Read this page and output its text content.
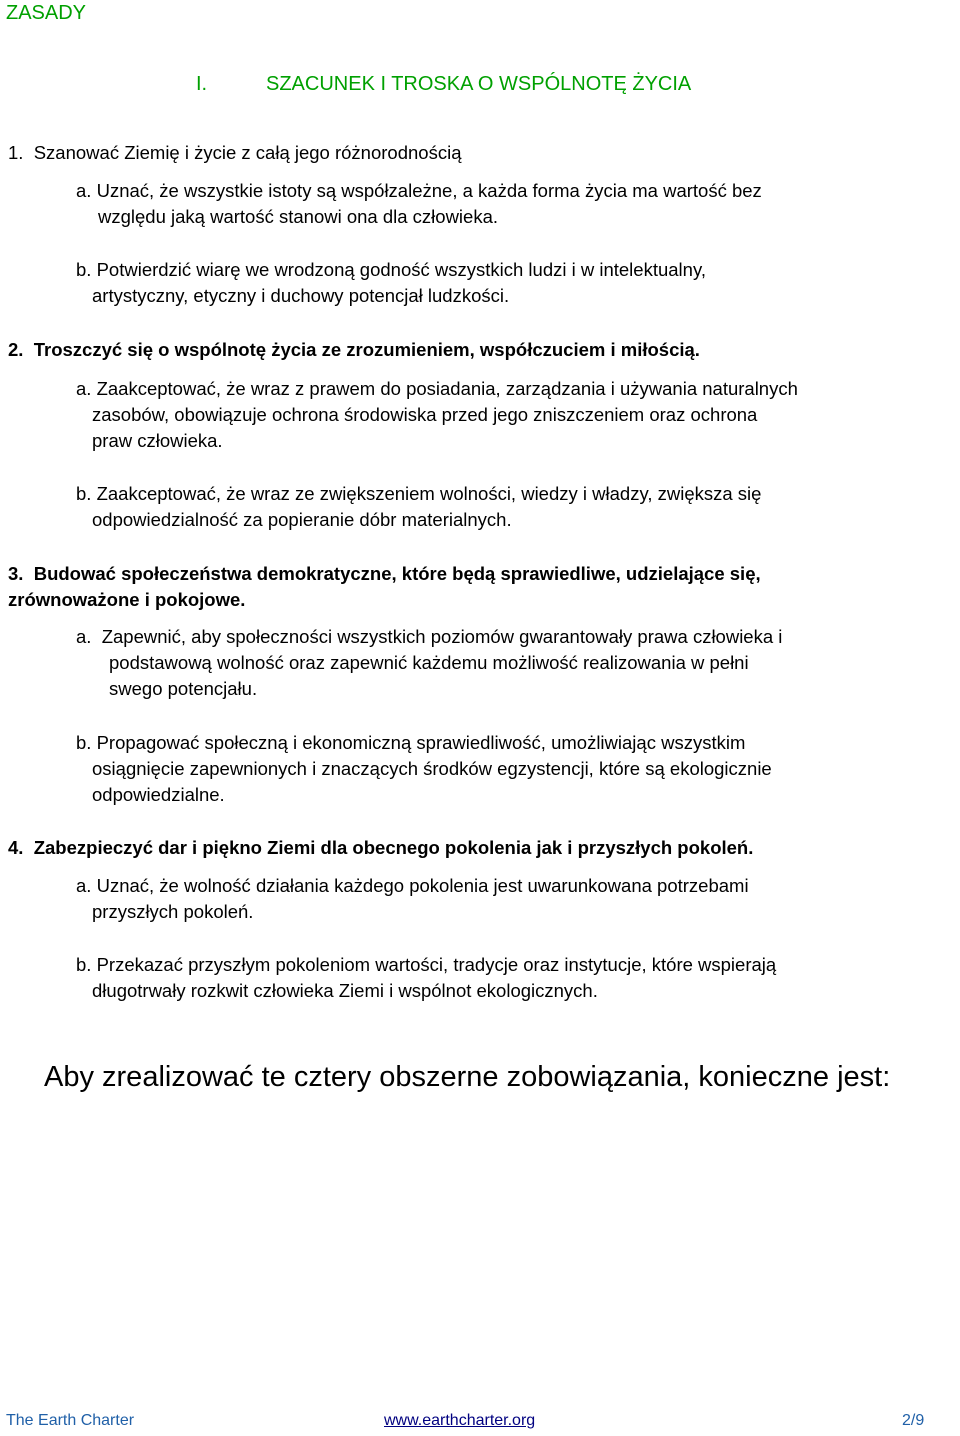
ZASADY
I.	SZACUNEK I TROSKA O WSPÓLNOTĘ ŻYCIA
1. Szanować Ziemię i życie z całą jego różnorodnością
a. Uznać, że wszystkie istoty są współzależne, a każda forma życia ma wartość bez
względu jaką wartość stanowi ona dla człowieka.
b. Potwierdzić wiarę we wrodzoną godność wszystkich ludzi i w intelektualny,
artystyczny, etyczny i duchowy potencjał ludzkości.
2. Troszczyć się o wspólnotę życia ze zrozumieniem, współczuciem i miłością.
a. Zaakceptować, że wraz z prawem do posiadania, zarządzania i używania naturalnych
zasobów, obowiązuje ochrona środowiska przed jego zniszczeniem oraz ochrona
praw człowieka.
b. Zaakceptować, że wraz ze zwiększeniem wolności, wiedzy i władzy, zwiększa się
odpowiedzialność za popieranie dóbr materialnych.
3. Budować społeczeństwa demokratyczne, które będą sprawiedliwe, udzielające się,
zrównoważone i pokojowe.
a. Zapewnić, aby społeczności wszystkich poziomów gwarantowały prawa człowieka i
podstawową wolność oraz zapewnić każdemu możliwość realizowania w pełni
swego potencjału.
b. Propagować społeczną i ekonomiczną sprawiedliwość, umożliwiając wszystkim
osiągnięcie zapewnionych i znaczących środków egzystencji, które są ekologicznie
odpowiedzialne.
4. Zabezpieczyć dar i piękno Ziemi dla obecnego pokolenia jak i przyszłych pokoleń.
a. Uznać, że wolność działania każdego pokolenia jest uwarunkowana potrzebami
przyszłych pokoleń.
b. Przekazać przyszłym pokoleniom wartości, tradycje oraz instytucje, które wspierają
długotrwały rozkwit człowieka Ziemi i wspólnot ekologicznych.
Aby zrealizować te cztery obszerne zobowiązania, konieczne jest:
The Earth Charter	www.earthcharter.org	2/9
